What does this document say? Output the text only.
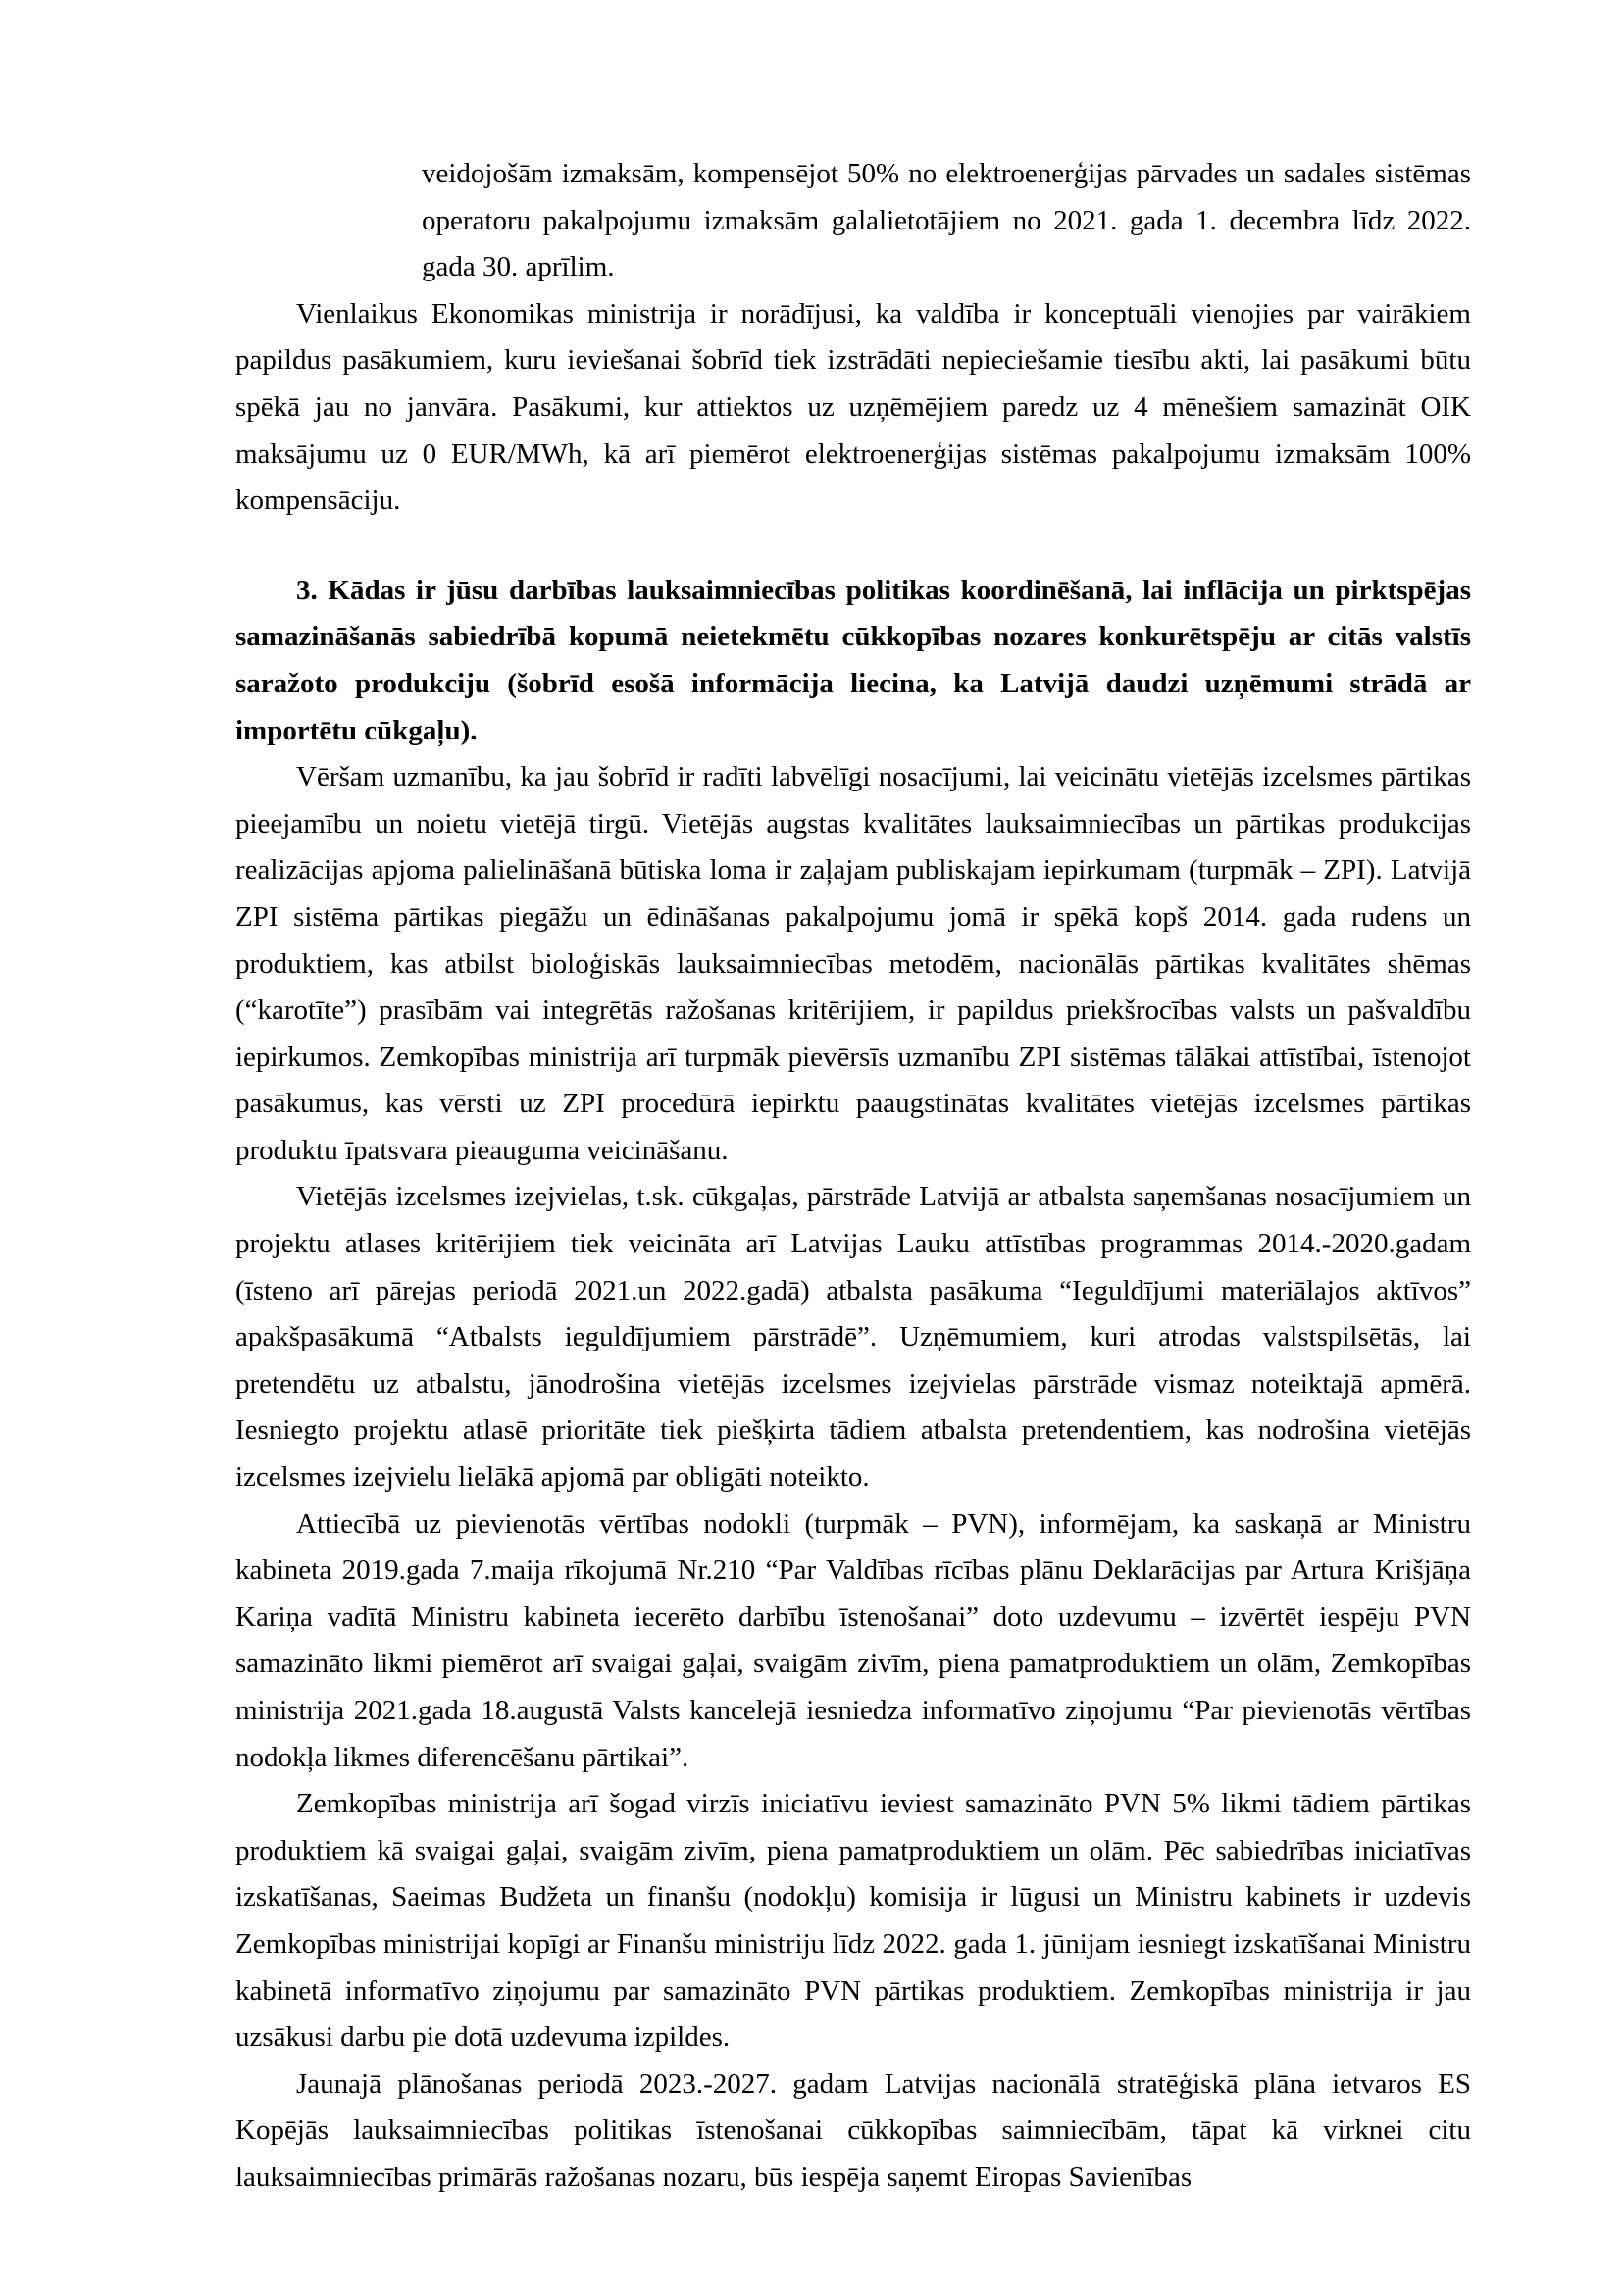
veidojošām izmaksām, kompensējot 50% no elektroenerģijas pārvades un sadales sistēmas operatoru pakalpojumu izmaksām galalietotājiem no 2021. gada 1. decembra līdz 2022. gada 30. aprīlim.

Vienlaikus Ekonomikas ministrija ir norādījusi, ka valdība ir konceptuāli vienojies par vairākiem papildus pasākumiem, kuru ieviešanai šobrīd tiek izstrādāti nepieciešamie tiesību akti, lai pasākumi būtu spēkā jau no janvāra. Pasākumi, kur attiektos uz uzņēmējiem paredz uz 4 mēnešiem samazināt OIK maksājumu uz 0 EUR/MWh, kā arī piemērot elektroenerģijas sistēmas pakalpojumu izmaksām 100% kompensāciju.

3. Kādas ir jūsu darbības lauksaimniecības politikas koordinēšanā, lai inflācija un pirktspējas samazināšanās sabiedrībā kopumā neietekmētu cūkkopības nozares konkurētspēju ar citās valstīs saražoto produkciju (šobrīd esošā informācija liecina, ka Latvijā daudzi uzņēmumi strādā ar importētu cūkgaļu).

Vēršam uzmanību, ka jau šobrīd ir radīti labvēlīgi nosacījumi, lai veicinātu vietējās izcelsmes pārtikas pieejamību un noietu vietējā tirgū. Vietējās augstas kvalitātes lauksaimniecības un pārtikas produkcijas realizācijas apjoma palielināšanā būtiska loma ir zaļajam publiskajam iepirkumam (turpmāk – ZPI). Latvijā ZPI sistēma pārtikas piegāžu un ēdināšanas pakalpojumu jomā ir spēkā kopš 2014. gada rudens un produktiem, kas atbilst bioloģiskās lauksaimniecības metodēm, nacionālās pārtikas kvalitātes shēmas (“karotīte”) prasībām vai integrētās ražošanas kritērijiem, ir papildus priekšrocības valsts un pašvaldību iepirkumos. Zemkopības ministrija arī turpmāk pievērsīs uzmanību ZPI sistēmas tālākai attīstībai, īstenojot pasākumus, kas vērsti uz ZPI procedūrā iepirktu paaugstinātas kvalitātes vietējās izcelsmes pārtikas produktu īpatsvara pieauguma veicināšanu.

Vietējās izcelsmes izejvielas, t.sk. cūkgaļas, pārstrāde Latvijā ar atbalsta saņemšanas nosacījumiem un projektu atlases kritērijiem tiek veicināta arī Latvijas Lauku attīstības programmas 2014.-2020.gadam (īsteno arī pārejas periodā 2021.un 2022.gadā) atbalsta pasākuma “Ieguldījumi materiālajos aktīvos” apakšpasākumā “Atbalsts ieguldījumiem pārstrādē”. Uzņēmumiem, kuri atrodas valstspilsētās, lai pretendētu uz atbalstu, jānodrošina vietējās izcelsmes izejvielas pārstrāde vismaz noteiktajā apmērā. Iesniegto projektu atlasē prioritāte tiek piešķirta tādiem atbalsta pretendentiem, kas nodrošina vietējās izcelsmes izejvielu lielākā apjomā par obligāti noteikto.

Attiecībā uz pievienotās vērtības nodokli (turpmāk – PVN), informējam, ka saskaņā ar Ministru kabineta 2019.gada 7.maija rīkojumā Nr.210 “Par Valdības rīcības plānu Deklarācijas par Artura Krišjāņa Kariņa vadītā Ministru kabineta iecerēto darbību īstenošanai” doto uzdevumu – izvērtēt iespēju PVN samazināto likmi piemērot arī svaigai gaļai, svaigām zivīm, piena pamatproduktiem un olām, Zemkopības ministrija 2021.gada 18.augustā Valsts kancelejā iesniedza informatīvo ziņojumu “Par pievienotās vērtības nodokļa likmes diferencēšanu pārtikai”.

Zemkopības ministrija arī šogad virzīs iniciatīvu ieviest samazināto PVN 5% likmi tādiem pārtikas produktiem kā svaigai gaļai, svaigām zivīm, piena pamatproduktiem un olām. Pēc sabiedrības iniciatīvas izskatīšanas, Saeimas Budžeta un finanšu (nodokļu) komisija ir lūgusi un Ministru kabinets ir uzdevis Zemkopības ministrijai kopīgi ar Finanšu ministriju līdz 2022. gada 1. jūnijam iesniegt izskatīšanai Ministru kabinetā informatīvo ziņojumu par samazināto PVN pārtikas produktiem. Zemkopības ministrija ir jau uzsākusi darbu pie dotā uzdevuma izpildes.

Jaunajā plānošanas periodā 2023.-2027. gadam Latvijas nacionālā stratēģiskā plāna ietvaros ES Kopējās lauksaimniecības politikas īstenošanai cūkkopības saimniecībām, tāpat kā virknei citu lauksaimniecības primārās ražošanas nozaru, būs iespēja saņemt Eiropas Savienības
